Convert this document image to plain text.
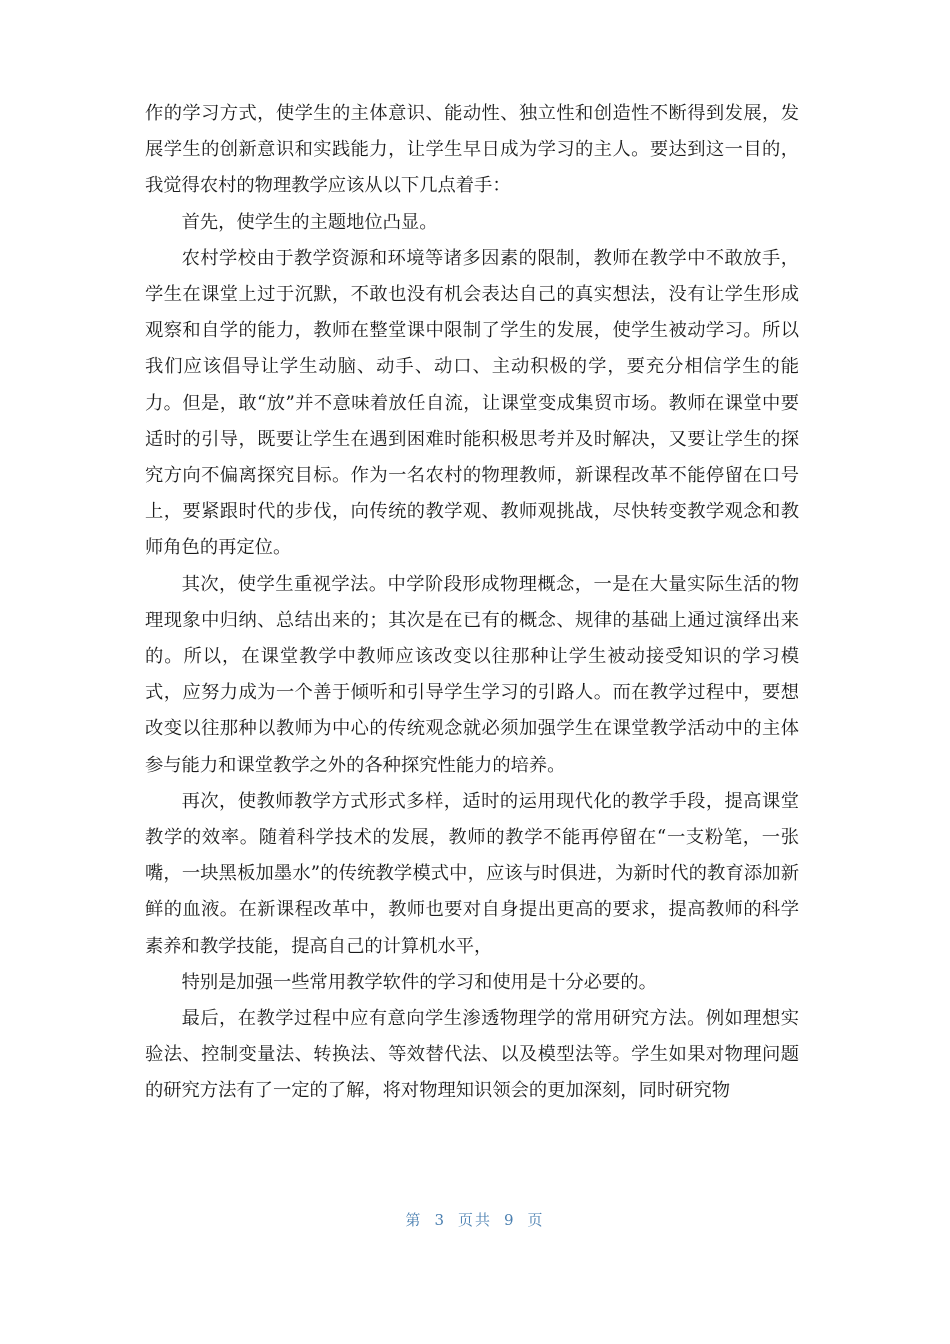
作的学习方式，使学生的主体意识、能动性、独立性和创造性不断得到发展，发展学生的创新意识和实践能力，让学生早日成为学习的主人。要达到这一目的，我觉得农村的物理教学应该从以下几点着手：

首先，使学生的主题地位凸显。

农村学校由于教学资源和环境等诸多因素的限制，教师在教学中不敢放手，学生在课堂上过于沉默，不敢也没有机会表达自己的真实想法，没有让学生形成观察和自学的能力，教师在整堂课中限制了学生的发展，使学生被动学习。所以我们应该倡导让学生动脑、动手、动口、主动积极的学，要充分相信学生的能力。但是，敢“放”并不意味着放任自流，让课堂变成集贸市场。教师在课堂中要适时的引导，既要让学生在遇到困难时能积极思考并及时解决，又要让学生的探究方向不偏离探究目标。作为一名农村的物理教师，新课程改革不能停留在口号上，要紧跟时代的步伐，向传统的教学观、教师观挑战，尽快转变教学观念和教师角色的再定位。

其次，使学生重视学法。中学阶段形成物理概念，一是在大量实际生活的物理现象中归纳、总结出来的；其次是在已有的概念、规律的基础上通过演绎出来的。所以，在课堂教学中教师应该改变以往那种让学生被动接受知识的学习模式，应努力成为一个善于倾听和引导学生学习的引路人。而在教学过程中，要想改变以往那种以教师为中心的传统观念就必须加强学生在课堂教学活动中的主体参与能力和课堂教学之外的各种探究性能力的培养。

再次，使教师教学方式形式多样，适时的运用现代化的教学手段，提高课堂教学的效率。随着科学技术的发展，教师的教学不能再停留在“一支粉笔，一张嘴，一块黑板加墨水”的传统教学模式中，应该与时俱进，为新时代的教育添加新鲜的血液。在新课程改革中，教师也要对自身提出更高的要求，提高教师的科学素养和教学技能，提高自己的计算机水平，

特别是加强一些常用教学软件的学习和使用是十分必要的。

最后，在教学过程中应有意向学生渗透物理学的常用研究方法。例如理想实验法、控制变量法、转换法、等效替代法、以及模型法等。学生如果对物理问题的研究方法有了一定的了解，将对物理知识领会的更加深刻，同时研究物

第 3 页共 9 页
